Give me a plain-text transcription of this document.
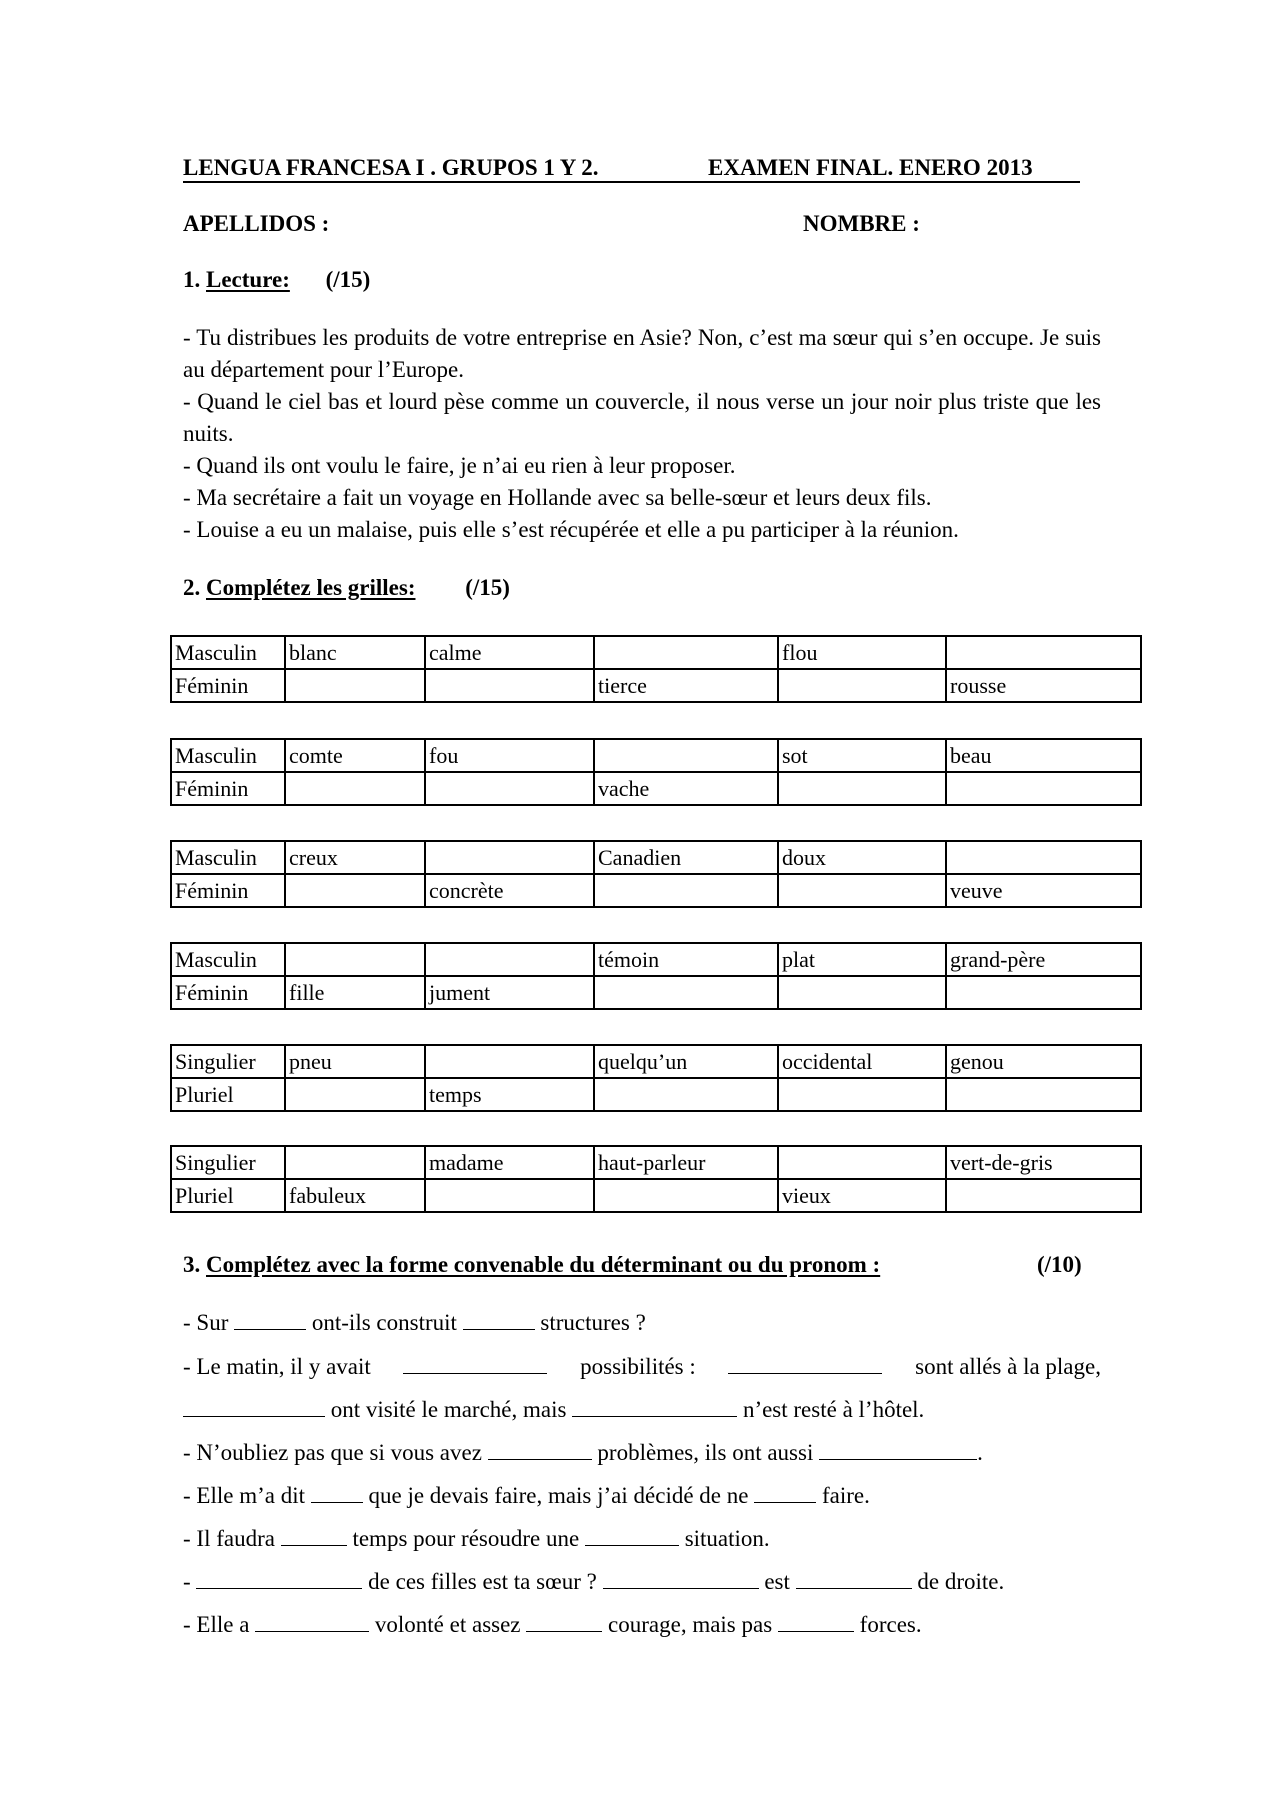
LENGUA FRANCESA I . GRUPOS 1 Y 2.	EXAMEN FINAL. ENERO 2013
APELLIDOS :	NOMBRE :
1. Lecture: (/15)

- Tu distribues les produits de votre entreprise en Asie? Non, c’est ma sœur qui s’en occupe. Je suis au département pour l’Europe.

- Quand le ciel bas et lourd pèse comme un couvercle, il nous verse un jour noir plus triste que les nuits.

- Quand ils ont voulu le faire, je n’ai eu rien à leur proposer.

- Ma secrétaire a fait un voyage en Hollande avec sa belle-sœur et leurs deux fils.

- Louise a eu un malaise, puis elle s’est récupérée et elle a pu participer à la réunion.

2. Complétez les grilles: (/15)
Masculin	blanc	calme		flou	
Féminin			tierce		rousse
Masculin	comte	fou		sot	beau
Féminin			vache		
Masculin	creux		Canadien	doux	
Féminin		concrète			veuve
Masculin			témoin	plat	grand-père
Féminin	fille	jument			
Singulier	pneu		quelqu’un	occidental	genou
Pluriel		temps			
Singulier		madame	haut-parleur		vert-de-gris
Pluriel	fabuleux			vieux	
3. Complétez avec la forme convenable du déterminant ou du pronom :	(/10)
- Sur	ont-ils construit	structures ?
- Le matin, il y avait	possibilités :	sont allés à la plage,
ont visité le marché, mais	n’est resté à l’hôtel.
- N’oubliez pas que si vous avez	problèmes, ils ont aussi	.
- Elle m’a dit	que je devais faire, mais j’ai décidé de ne	faire.
- Il faudra	temps pour résoudre une	situation.
-	de ces filles est ta sœur ?	est	de droite.
- Elle a	volonté et assez	courage, mais pas	forces.
